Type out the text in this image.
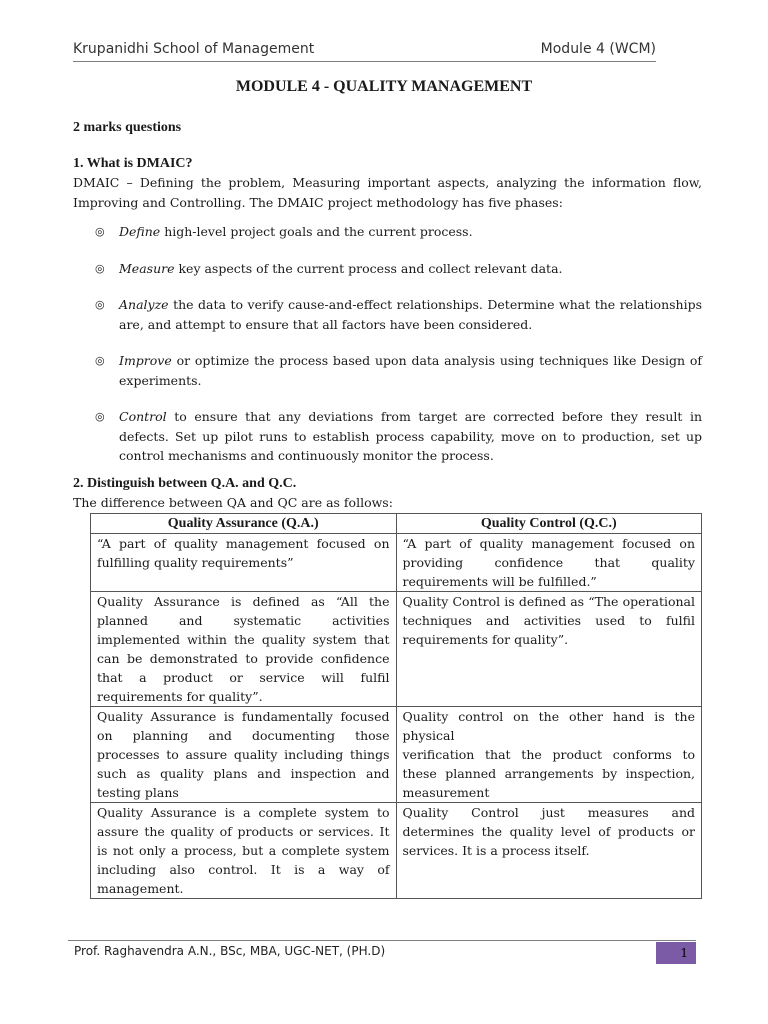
Krupanidhi School of Management	Module 4 (WCM)
MODULE 4 - QUALITY MANAGEMENT
2 marks questions
1. What is DMAIC?
DMAIC – Defining the problem, Measuring important aspects, analyzing the information flow, Improving and Controlling. The DMAIC project methodology has five phases:
◎ Define high-level project goals and the current process.
◎ Measure key aspects of the current process and collect relevant data.
◎ Analyze the data to verify cause-and-effect relationships. Determine what the relationships are, and attempt to ensure that all factors have been considered.
◎ Improve or optimize the process based upon data analysis using techniques like Design of experiments.
◎ Control to ensure that any deviations from target are corrected before they result in defects. Set up pilot runs to establish process capability, move on to production, set up control mechanisms and continuously monitor the process.
2. Distinguish between Q.A. and Q.C.
The difference between QA and QC are as follows:
Quality Assurance (Q.A.)	Quality Control (Q.C.)
“A part of quality management focused on fulfilling quality requirements”	“A part of quality management focused on providing confidence that quality requirements will be fulfilled.”
Quality Assurance is defined as “All the planned and systematic activities implemented within the quality system that can be demonstrated to provide confidence that a product or service will fulfil requirements for quality”.	Quality Control is defined as “The operational techniques and activities used to fulfil requirements for quality”.
Quality Assurance is fundamentally focused on planning and documenting those processes to assure quality including things such as quality plans and inspection and testing plans	Quality control on the other hand is the physical
verification that the product conforms to these planned arrangements by inspection, measurement
Quality Assurance is a complete system to assure the quality of products or services. It is not only a process, but a complete system including also control. It is a way of management.	Quality Control just measures and determines the quality level of products or services. It is a process itself.
Prof. Raghavendra A.N., BSc, MBA, UGC-NET, (PH.D)	1
